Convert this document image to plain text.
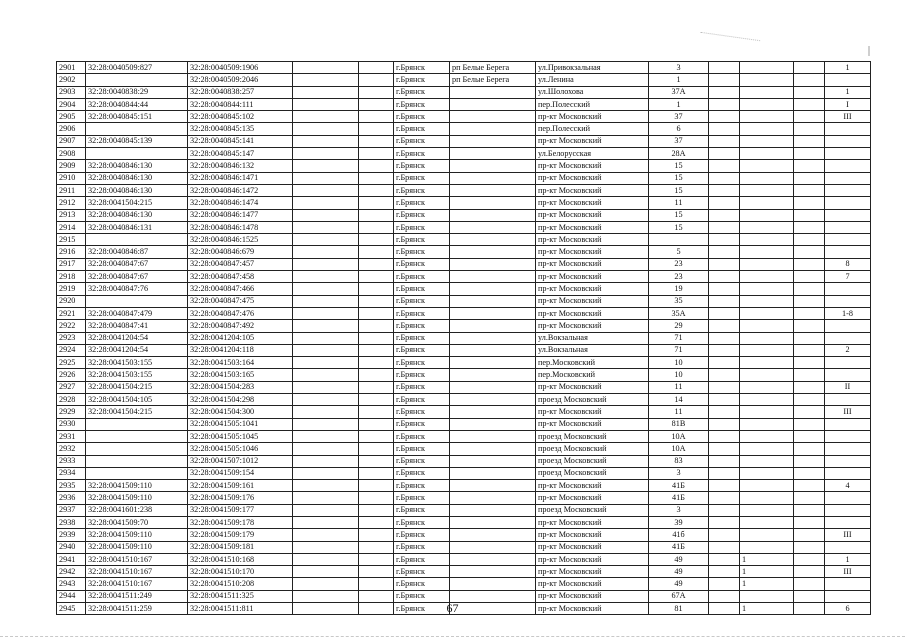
2901	32:28:0040509:827	32:28:0040509:1906			г.Брянск	рп Белые Берега	ул.Привокзальная	3				1
2902		32:28:0040509:2046			г.Брянск	рп Белые Берега	ул.Ленина	1				
2903	32:28:0040838:29	32:28:0040838:257			г.Брянск		ул.Шолохова	37А				1
2904	32:28:0040844:44	32:28:0040844:111			г.Брянск		пер.Полесский	1				I
2905	32:28:0040845:151	32:28:0040845:102			г.Брянск		пр-кт Московский	37				III
2906		32:28:0040845:135			г.Брянск		пер.Полесский	6				
2907	32:28:0040845:139	32:28:0040845:141			г.Брянск		пр-кт Московский	37				
2908		32:28:0040845:147			г.Брянск		ул.Белорусская	28А				
2909	32:28:0040846:130	32:28:0040846:132			г.Брянск		пр-кт Московский	15				
2910	32:28:0040846:130	32:28:0040846:1471			г.Брянск		пр-кт Московский	15				
2911	32:28:0040846:130	32:28:0040846:1472			г.Брянск		пр-кт Московский	15				
2912	32:28:0041504:215	32:28:0040846:1474			г.Брянск		пр-кт Московский	11				
2913	32:28:0040846:130	32:28:0040846:1477			г.Брянск		пр-кт Московский	15				
2914	32:28:0040846:131	32:28:0040846:1478			г.Брянск		пр-кт Московский	15				
2915		32:28:0040846:1525			г.Брянск		пр-кт Московский					
2916	32:28:0040846:87	32:28:0040846:679			г.Брянск		пр-кт Московский	5				
2917	32:28:0040847:67	32:28:0040847:457			г.Брянск		пр-кт Московский	23				8
2918	32:28:0040847:67	32:28:0040847:458			г.Брянск		пр-кт Московский	23				7
2919	32:28:0040847:76	32:28:0040847:466			г.Брянск		пр-кт Московский	19				
2920		32:28:0040847:475			г.Брянск		пр-кт Московский	35				
2921	32:28:0040847:479	32:28:0040847:476			г.Брянск		пр-кт Московский	35А				1-8
2922	32:28:0040847:41	32:28:0040847:492			г.Брянск		пр-кт Московский	29				
2923	32:28:0041204:54	32:28:0041204:105			г.Брянск		ул.Вокзальная	71				
2924	32:28:0041204:54	32:28:0041204:118			г.Брянск		ул.Вокзальная	71				2
2925	32:28:0041503:155	32:28:0041503:164			г.Брянск		пер.Московский	10				
2926	32:28:0041503:155	32:28:0041503:165			г.Брянск		пер.Московский	10				
2927	32:28:0041504:215	32:28:0041504:283			г.Брянск		пр-кт Московский	11				II
2928	32:28:0041504:105	32:28:0041504:298			г.Брянск		проезд Московский	14				
2929	32:28:0041504:215	32:28:0041504:300			г.Брянск		пр-кт Московский	11				III
2930		32:28:0041505:1041			г.Брянск		пр-кт Московский	81В				
2931		32:28:0041505:1045			г.Брянск		проезд Московский	10А				
2932		32:28:0041505:1046			г.Брянск		проезд Московский	10А				
2933		32:28:0041507:1012			г.Брянск		проезд Московский	83				
2934		32:28:0041509:154			г.Брянск		проезд Московский	3				
2935	32:28:0041509:110	32:28:0041509:161			г.Брянск		пр-кт Московский	41Б				4
2936	32:28:0041509:110	32:28:0041509:176			г.Брянск		пр-кт Московский	41Б				
2937	32:28:0041601:238	32:28:0041509:177			г.Брянск		проезд Московский	3				
2938	32:28:0041509:70	32:28:0041509:178			г.Брянск		пр-кт Московский	39				
2939	32:28:0041509:110	32:28:0041509:179			г.Брянск		пр-кт Московский	41б				III
2940	32:28:0041509:110	32:28:0041509:181			г.Брянск		пр-кт Московский	41Б				
2941	32:28:0041510:167	32:28:0041510:168			г.Брянск		пр-кт Московский	49		1		1
2942	32:28:0041510:167	32:28:0041510:170			г.Брянск		пр-кт Московский	49		1		III
2943	32:28:0041510:167	32:28:0041510:208			г.Брянск		пр-кт Московский	49		1		
2944	32:28:0041511:249	32:28:0041511:325			г.Брянск		пр-кт Московский	67А				
2945	32:28:0041511:259	32:28:0041511:811			г.Брянск		пр-кт Московский	81		1		6
67
